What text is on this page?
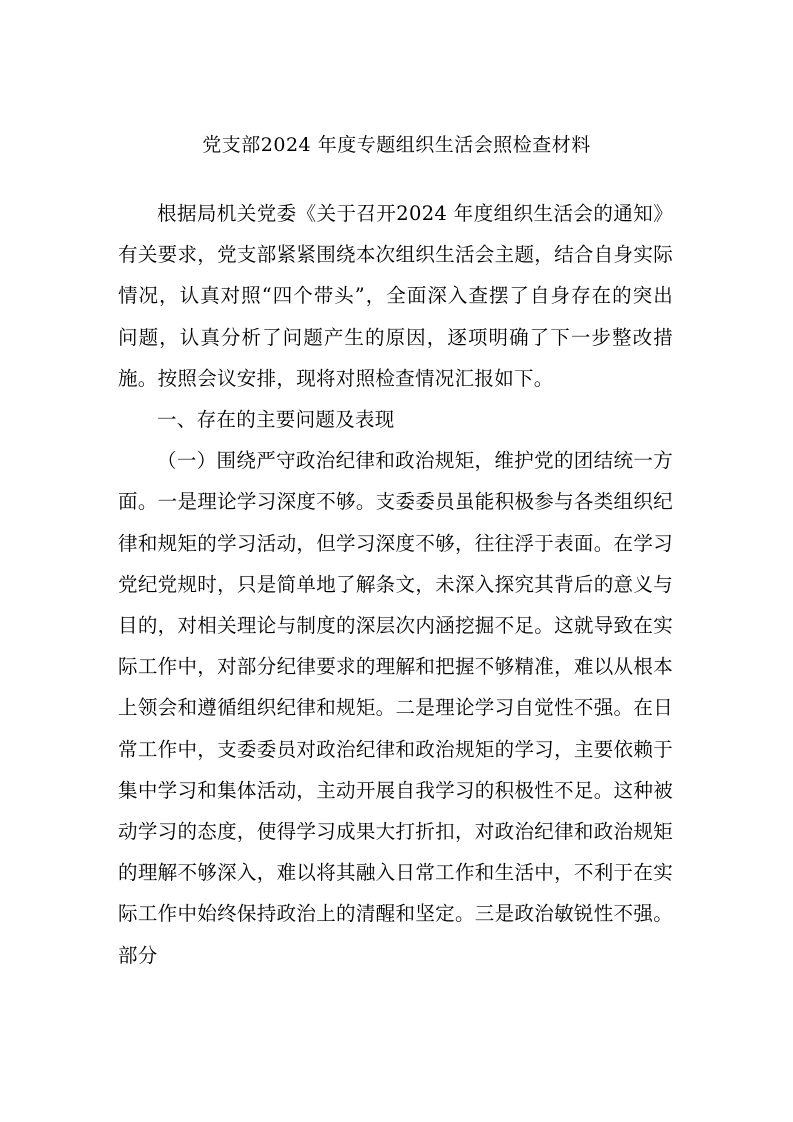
党支部2024 年度专题组织生活会照检查材料

根据局机关党委《关于召开2024 年度组织生活会的通知》有关要求，党支部紧紧围绕本次组织生活会主题，结合自身实际情况，认真对照“四个带头”，全面深入查摆了自身存在的突出问题，认真分析了问题产生的原因，逐项明确了下一步整改措施。按照会议安排，现将对照检查情况汇报如下。

一、存在的主要问题及表现

（一）围绕严守政治纪律和政治规矩，维护党的团结统一方面。一是理论学习深度不够。支委委员虽能积极参与各类组织纪律和规矩的学习活动，但学习深度不够，往往浮于表面。在学习党纪党规时，只是简单地了解条文，未深入探究其背后的意义与目的，对相关理论与制度的深层次内涵挖掘不足。这就导致在实际工作中，对部分纪律要求的理解和把握不够精准，难以从根本上领会和遵循组织纪律和规矩。二是理论学习自觉性不强。在日常工作中，支委委员对政治纪律和政治规矩的学习，主要依赖于集中学习和集体活动，主动开展自我学习的积极性不足。这种被动学习的态度，使得学习成果大打折扣，对政治纪律和政治规矩的理解不够深入，难以将其融入日常工作和生活中，不利于在实际工作中始终保持政治上的清醒和坚定。三是政治敏锐性不强。部分
